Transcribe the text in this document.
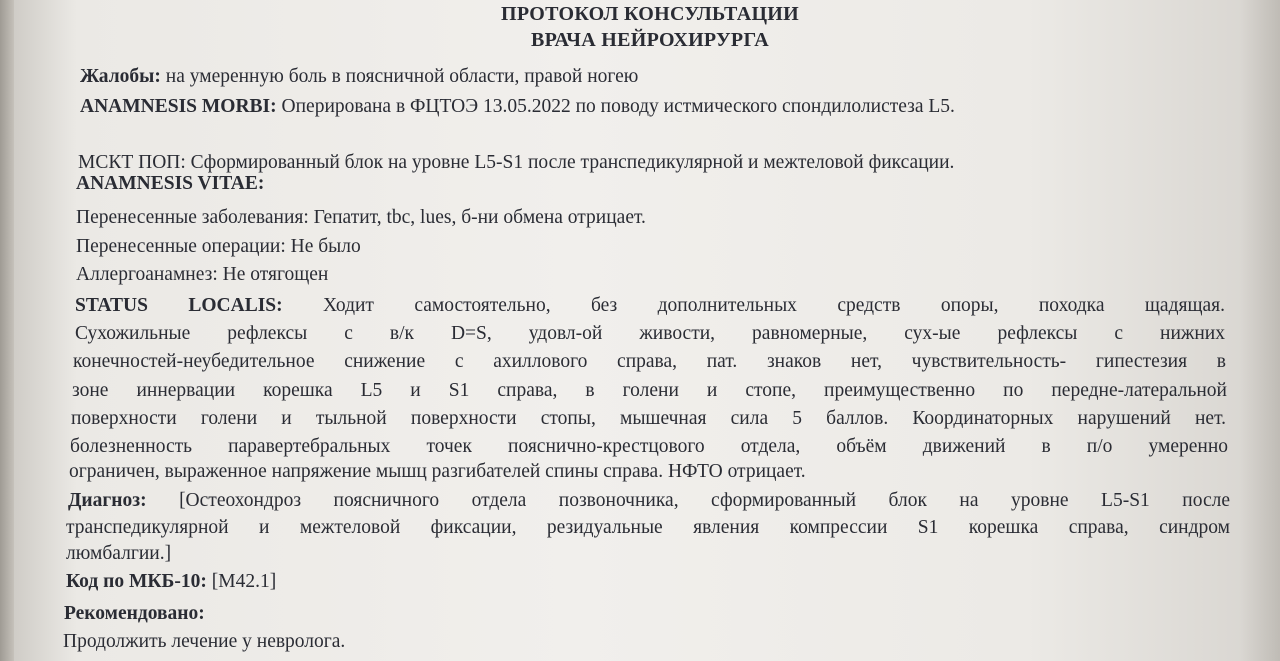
ПРОТОКОЛ КОНСУЛЬТАЦИИ
ВРАЧА НЕЙРОХИРУРГА
Жалобы: на умеренную боль в поясничной области, правой ногею
ANAMNESIS MORBI: Оперирована в ФЦТОЭ 13.05.2022 по поводу истмического спондилолистеза L5.
МСКТ ПОП: Сформированный блок на уровне L5-S1 после транспедикулярной и межтеловой фиксации.
ANAMNESIS VITAE:
Перенесенные заболевания: Гепатит, tbc, lues, б-ни обмена отрицает.
Перенесенные операции: Не было
Аллергоанамнез: Не отягощен
STATUS LOCALIS: Ходит самостоятельно, без дополнительных средств опоры, походка щадящая.
Сухожильные рефлексы с в/к D=S, удовл-ой живости, равномерные, сух-ые рефлексы с нижних
конечностей-неубедительное снижение с ахиллового справа, пат. знаков нет, чувствительность- гипестезия в
зоне иннервации корешка L5 и S1 справа, в голени и стопе, преимущественно по передне-латеральной
поверхности голени и тыльной поверхности стопы, мышечная сила 5 баллов. Координаторных нарушений нет.
болезненность паравертебральных точек пояснично-крестцового отдела, объём движений в п/о умеренно
ограничен, выраженное напряжение мышц разгибателей спины справа. НФТО отрицает.
Диагноз: [Остеохондроз поясничного отдела позвоночника, сформированный блок на уровне L5-S1 после
транспедикулярной и межтеловой фиксации, резидуальные явления компрессии S1 корешка справа, синдром
люмбалгии.]
Код по МКБ-10: [M42.1]
Рекомендовано:
Продолжить лечение у невролога.
